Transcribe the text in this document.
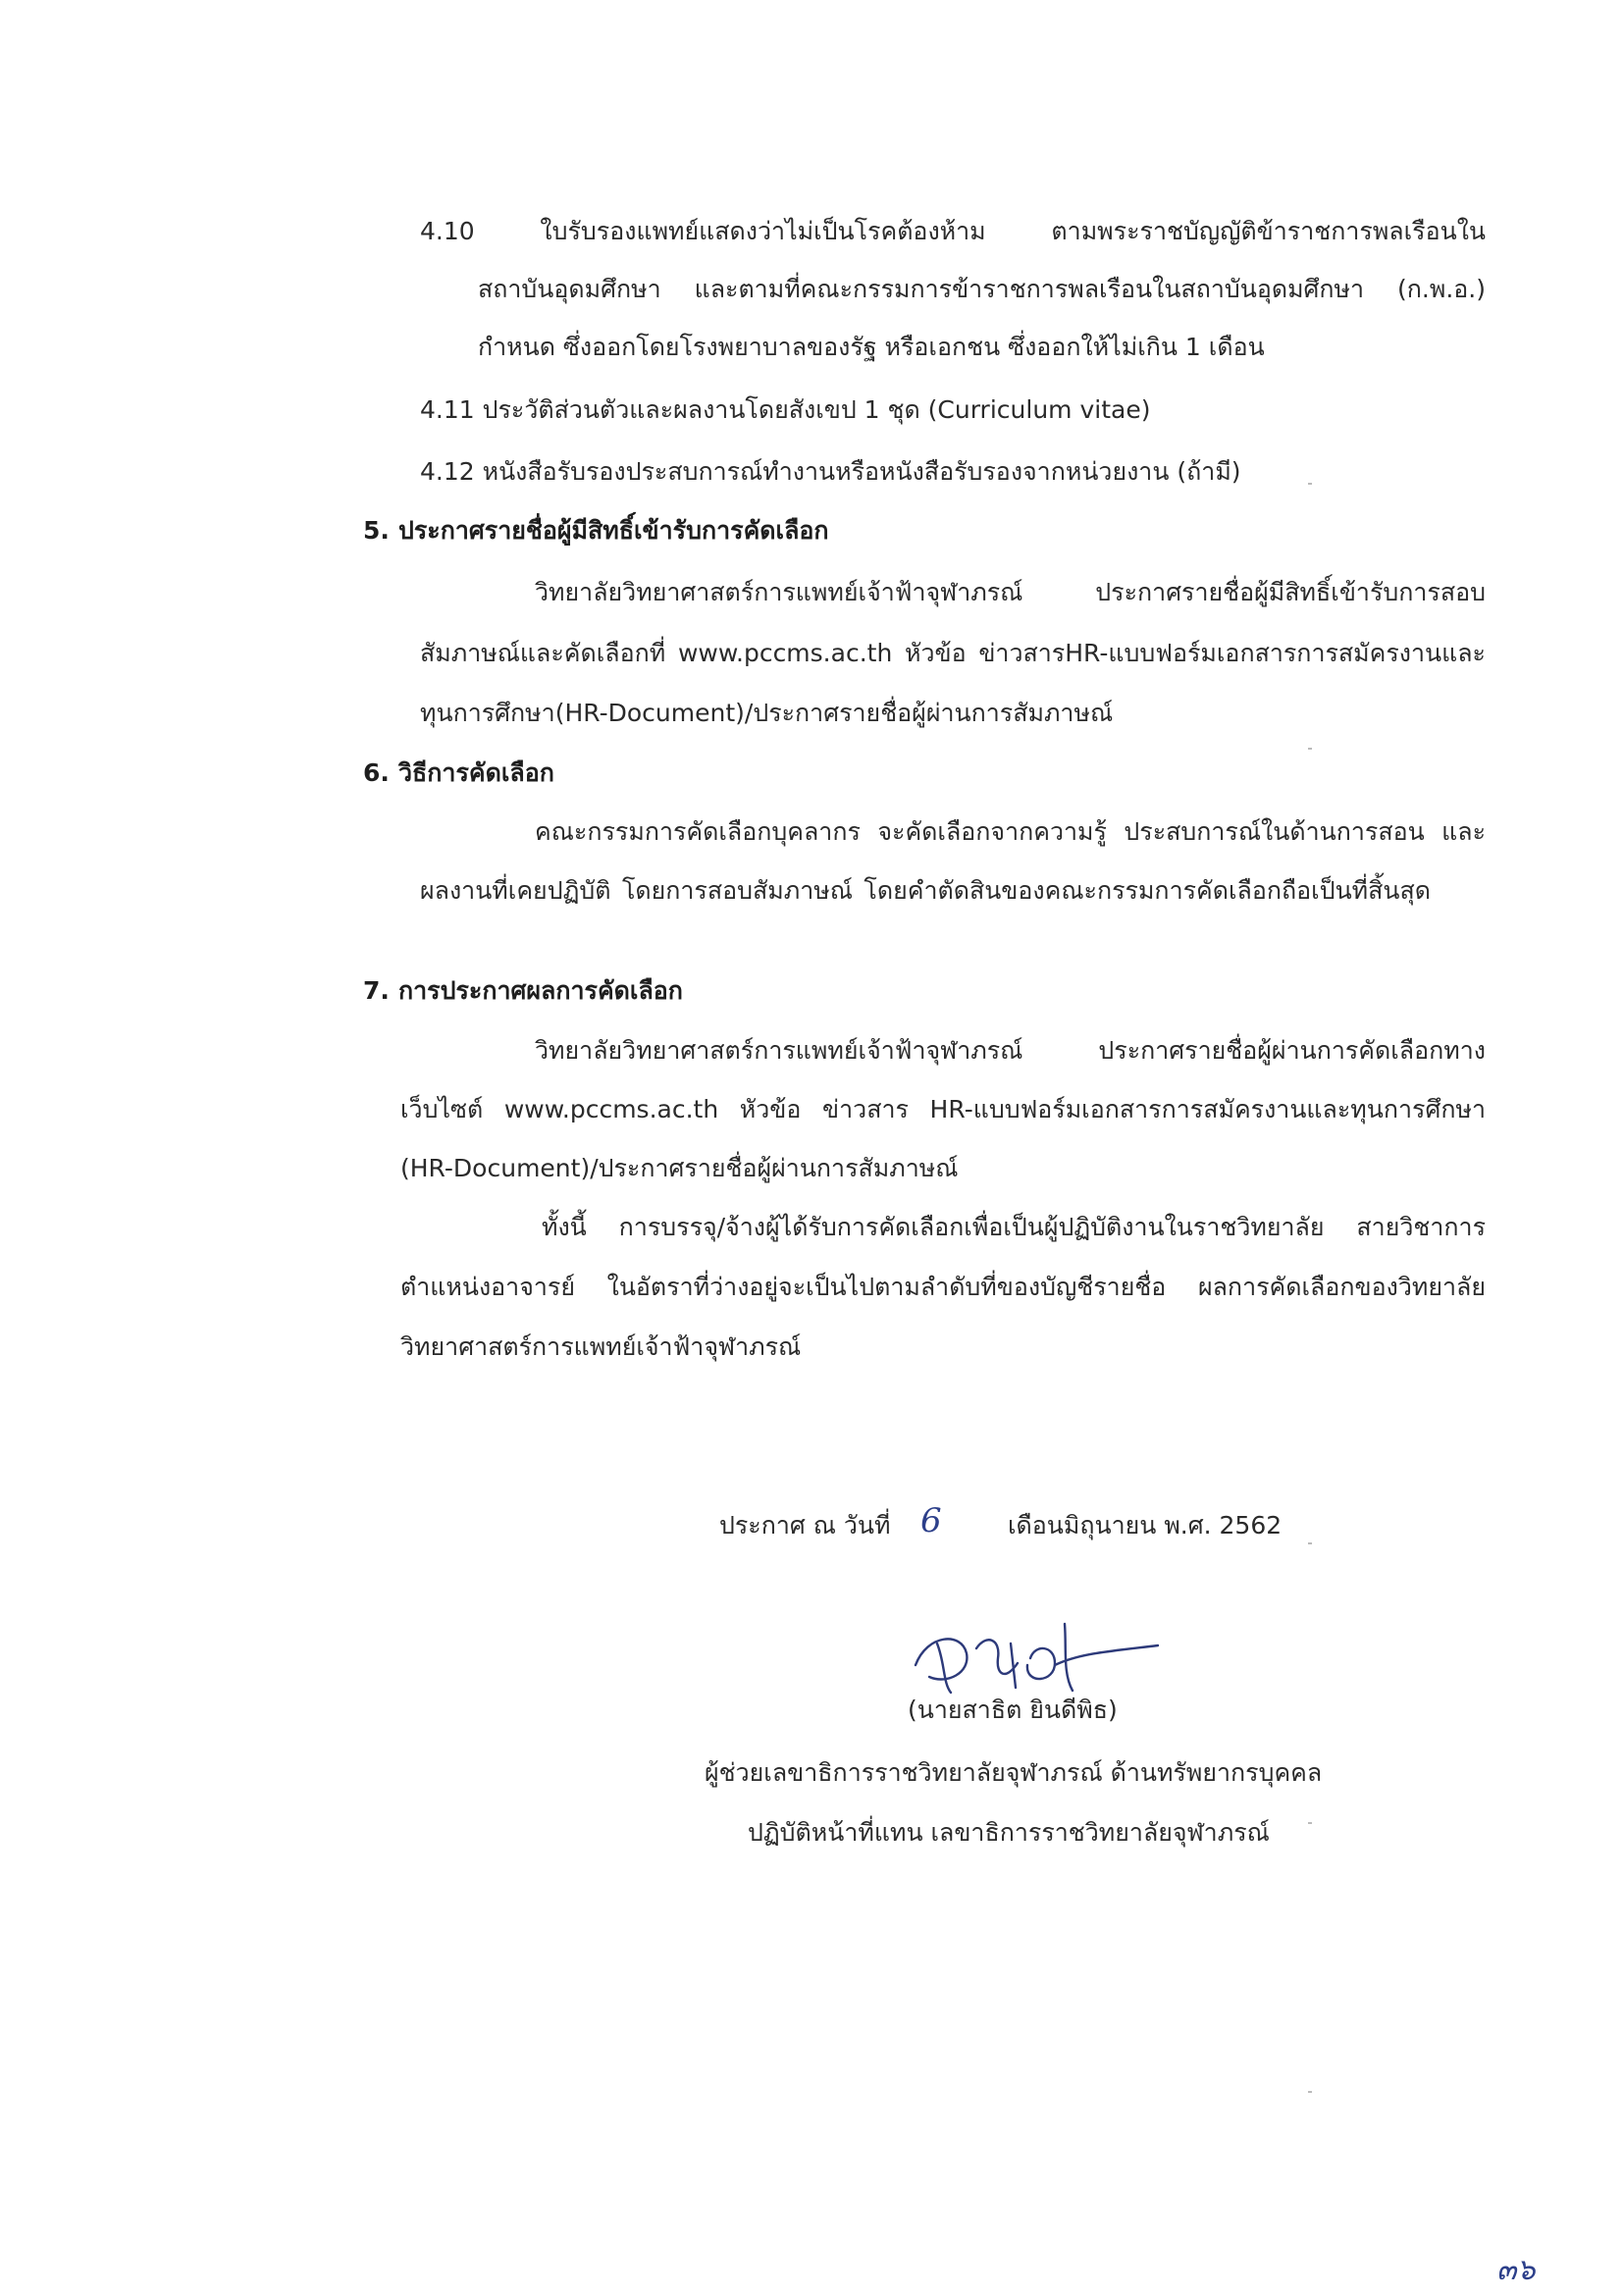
4.10 ใบรับรองแพทย์แสดงว่าไม่เป็นโรคต้องห้าม ตามพระราชบัญญัติข้าราชการพลเรือนใน
สถาบันอุดมศึกษา และตามที่คณะกรรมการข้าราชการพลเรือนในสถาบันอุดมศึกษา (ก.พ.อ.)
กำหนด ซึ่งออกโดยโรงพยาบาลของรัฐ หรือเอกชน ซึ่งออกให้ไม่เกิน 1 เดือน
4.11 ประวัติส่วนตัวและผลงานโดยสังเขป 1 ชุด (Curriculum vitae)
4.12 หนังสือรับรองประสบการณ์ทำงานหรือหนังสือรับรองจากหน่วยงาน (ถ้ามี)
5. ประกาศรายชื่อผู้มีสิทธิ์เข้ารับการคัดเลือก
วิทยาลัยวิทยาศาสตร์การแพทย์เจ้าฟ้าจุฬาภรณ์ ประกาศรายชื่อผู้มีสิทธิ์เข้ารับการสอบ
สัมภาษณ์และคัดเลือกที่ www.pccms.ac.th หัวข้อ ข่าวสารHR-แบบฟอร์มเอกสารการสมัครงานและ
ทุนการศึกษา(HR-Document)/ประกาศรายชื่อผู้ผ่านการสัมภาษณ์
6. วิธีการคัดเลือก
คณะกรรมการคัดเลือกบุคลากร จะคัดเลือกจากความรู้ ประสบการณ์ในด้านการสอน และ
ผลงานที่เคยปฏิบัติ โดยการสอบสัมภาษณ์ โดยคำตัดสินของคณะกรรมการคัดเลือกถือเป็นที่สิ้นสุด
7. การประกาศผลการคัดเลือก
วิทยาลัยวิทยาศาสตร์การแพทย์เจ้าฟ้าจุฬาภรณ์ ประกาศรายชื่อผู้ผ่านการคัดเลือกทาง
เว็บไซต์ www.pccms.ac.th หัวข้อ ข่าวสาร HR-แบบฟอร์มเอกสารการสมัครงานและทุนการศึกษา
(HR-Document)/ประกาศรายชื่อผู้ผ่านการสัมภาษณ์
ทั้งนี้ การบรรจุ/จ้างผู้ได้รับการคัดเลือกเพื่อเป็นผู้ปฏิบัติงานในราชวิทยาลัย สายวิชาการ
ตำแหน่งอาจารย์ ในอัตราที่ว่างอยู่จะเป็นไปตามลำดับที่ของบัญชีรายชื่อ ผลการคัดเลือกของวิทยาลัย
วิทยาศาสตร์การแพทย์เจ้าฟ้าจุฬาภรณ์
ประกาศ ณ วันที่ 6	เดือนมิถุนายน พ.ศ. 2562
(นายสาธิต ยินดีพิธ)
ผู้ช่วยเลขาธิการราชวิทยาลัยจุฬาภรณ์ ด้านทรัพยากรบุคคล
ปฏิบัติหน้าที่แทน เลขาธิการราชวิทยาลัยจุฬาภรณ์
๓๖
